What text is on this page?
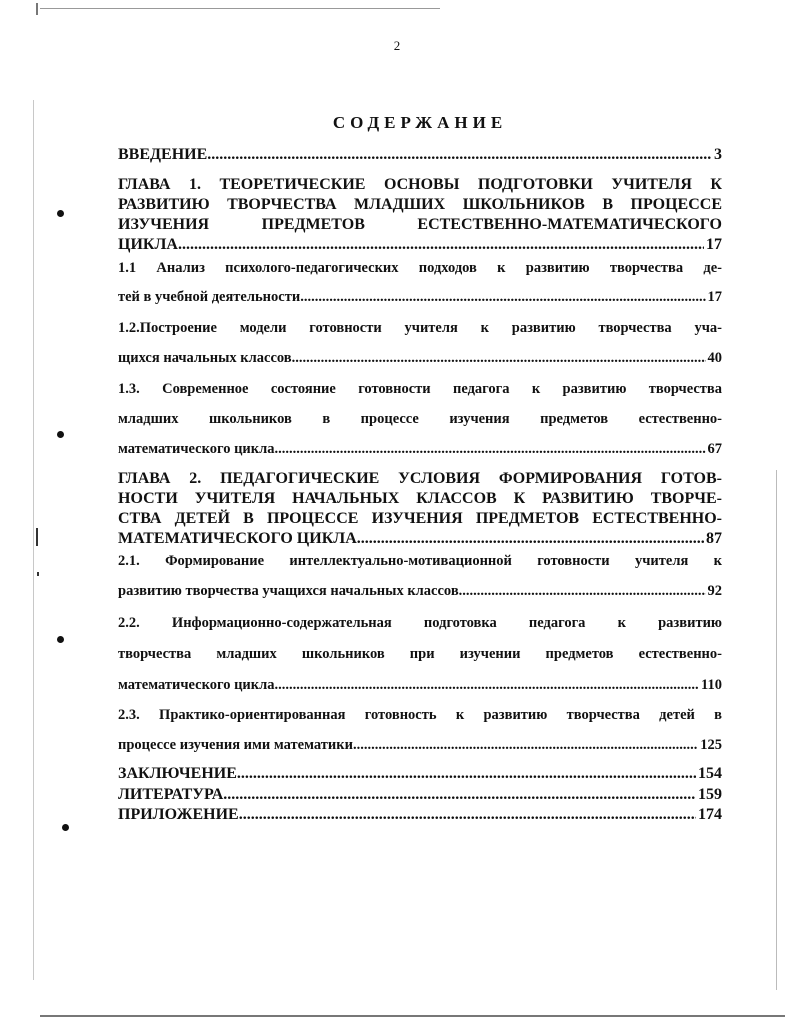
2
СОДЕРЖАНИЕ
ВВЕДЕНИЕ .....	3
ГЛАВА 1. ТЕОРЕТИЧЕСКИЕ ОСНОВЫ ПОДГОТОВКИ УЧИТЕЛЯ К
РАЗВИТИЮ ТВОРЧЕСТВА МЛАДШИХ ШКОЛЬНИКОВ В ПРОЦЕССЕ
ИЗУЧЕНИЯ ПРЕДМЕТОВ ЕСТЕСТВЕННО-МАТЕМАТИЧЕСКОГО
ЦИКЛА .....	17
1.1 Анализ психолого-педагогических подходов к развитию творчества де-
тей в учебной деятельности .....	17
1.2.Построение модели готовности учителя к развитию творчества уча-
щихся начальных классов .....	40
1.3. Современное состояние готовности педагога к развитию творчества
младших школьников в процессе изучения предметов естественно-
математического цикла .....	67
ГЛАВА 2. ПЕДАГОГИЧЕСКИЕ УСЛОВИЯ ФОРМИРОВАНИЯ ГОТОВ-
НОСТИ УЧИТЕЛЯ НАЧАЛЬНЫХ КЛАССОВ К РАЗВИТИЮ ТВОРЧЕ-
СТВА ДЕТЕЙ В ПРОЦЕССЕ ИЗУЧЕНИЯ ПРЕДМЕТОВ ЕСТЕСТВЕННО-
МАТЕМАТИЧЕСКОГО ЦИКЛА .....	87
2.1. Формирование интеллектуально-мотивационной готовности учителя к
развитию творчества учащихся начальных классов .....	92
2.2. Информационно-содержательная подготовка педагога к развитию
творчества младших школьников при изучении предметов естественно-
математического цикла .....	110
2.3. Практико-ориентированная готовность к развитию творчества детей в
процессе изучения ими математики .....	125
ЗАКЛЮЧЕНИЕ .....	154
ЛИТЕРАТУРА .....	159
ПРИЛОЖЕНИЕ .....	174
